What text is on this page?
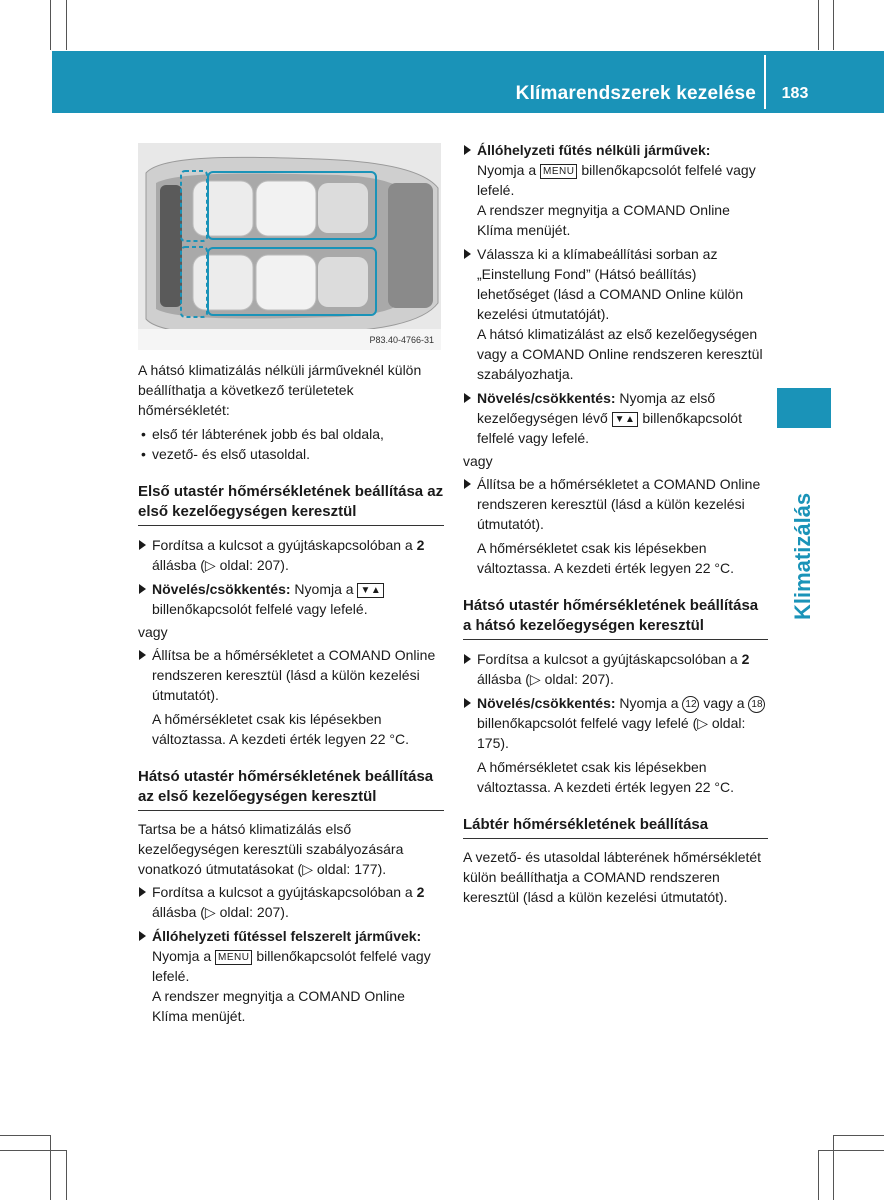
Klímarendszerek kezelése	183
Klimatizálás
P83.40-4766-31

A hátsó klimatizálás nélküli járműveknél külön beállíthatja a következő területetek hőmérsékletét:

• első tér lábterének jobb és bal oldala,

• vezető- és első utasoldal.

Első utastér hőmérsékletének beállítása az első kezelőegységen keresztül

Fordítsa a kulcsot a gyújtáskapcsolóban a 2 állásba (▷ oldal: 207).

Növelés/csökkentés: Nyomja a ▼▲ billenőkapcsolót felfelé vagy lefelé.

vagy

Állítsa be a hőmérsékletet a COMAND Online rendszeren keresztül (lásd a külön kezelési útmutatót).

A hőmérsékletet csak kis lépésekben változtassa. A kezdeti érték legyen 22 °C.

Hátsó utastér hőmérsékletének beállítása az első kezelőegységen keresztül

Tartsa be a hátsó klimatizálás első kezelőegységen keresztüli szabályozására vonatkozó útmutatásokat (▷ oldal: 177).

Fordítsa a kulcsot a gyújtáskapcsolóban a 2 állásba (▷ oldal: 207).

Állóhelyzeti fűtéssel felszerelt járművek: Nyomja a MENU billenőkapcsolót felfelé vagy lefelé.

A rendszer megnyitja a COMAND Online Klíma menüjét.

Állóhelyzeti fűtés nélküli járművek:
Nyomja a MENU billenőkapcsolót felfelé vagy lefelé.

A rendszer megnyitja a COMAND Online Klíma menüjét.

Válassza ki a klímabeállítási sorban az „Einstellung Fond” (Hátsó beállítás) lehetőséget (lásd a COMAND Online külön kezelési útmutatóját).

A hátsó klimatizálást az első kezelőegységen vagy a COMAND Online rendszeren keresztül szabályozhatja.

Növelés/csökkentés: Nyomja az első kezelőegységen lévő ▼▲ billenőkapcsolót felfelé vagy lefelé.

vagy

Állítsa be a hőmérsékletet a COMAND Online rendszeren keresztül (lásd a külön kezelési útmutatót).

A hőmérsékletet csak kis lépésekben változtassa. A kezdeti érték legyen 22 °C.

Hátsó utastér hőmérsékletének beállítása a hátsó kezelőegységen keresztül

Fordítsa a kulcsot a gyújtáskapcsolóban a 2 állásba (▷ oldal: 207).

Növelés/csökkentés: Nyomja a 12 vagy a 18 billenőkapcsolót felfelé vagy lefelé (▷ oldal: 175).

A hőmérsékletet csak kis lépésekben változtassa. A kezdeti érték legyen 22 °C.

Lábtér hőmérsékletének beállítása

A vezető- és utasoldal lábterének hőmérsékletét külön beállíthatja a COMAND rendszeren keresztül (lásd a külön kezelési útmutatót).
